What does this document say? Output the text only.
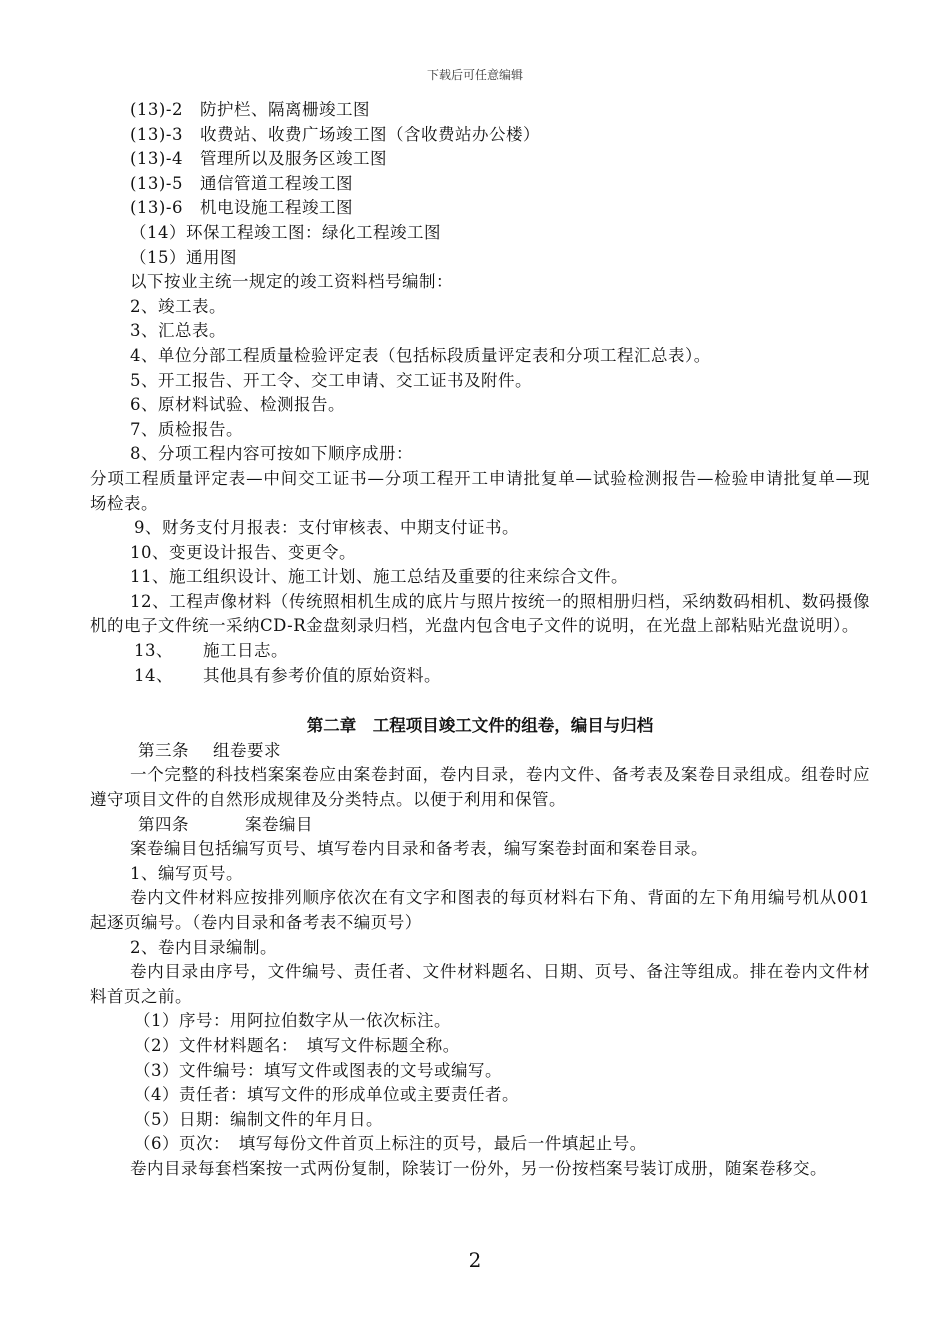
下载后可任意编辑
(13)-2　防护栏、隔离栅竣工图
(13)-3　收费站、收费广场竣工图（含收费站办公楼）
(13)-4　管理所以及服务区竣工图
(13)-5　通信管道工程竣工图
(13)-6　机电设施工程竣工图
（14）环保工程竣工图：绿化工程竣工图
（15）通用图
以下按业主统一规定的竣工资料档号编制：
2、竣工表。
3、汇总表。
4、单位分部工程质量检验评定表（包括标段质量评定表和分项工程汇总表）。
5、开工报告、开工令、交工申请、交工证书及附件。
6、原材料试验、检测报告。
7、质检报告。
8、分项工程内容可按如下顺序成册：
分项工程质量评定表—中间交工证书—分项工程开工申请批复单—试验检测报告—检验申请批复单—现场检表。
9、财务支付月报表：支付审核表、中期支付证书。
10、变更设计报告、变更令。
11、施工组织设计、施工计划、施工总结及重要的往来综合文件。
12、工程声像材料（传统照相机生成的底片与照片按统一的照相册归档，采纳数码相机、数码摄像机的电子文件统一采纳CD-R金盘刻录归档，光盘内包含电子文件的说明，在光盘上部粘贴光盘说明）。
13、 施工日志。
14、 其他具有参考价值的原始资料。
第二章　工程项目竣工文件的组卷，编目与归档
第三条 组卷要求
一个完整的科技档案案卷应由案卷封面，卷内目录，卷内文件、备考表及案卷目录组成。组卷时应遵守项目文件的自然形成规律及分类特点。以便于利用和保管。
第四条	案卷编目
案卷编目包括编写页号、填写卷内目录和备考表，编写案卷封面和案卷目录。
1、编写页号。
卷内文件材料应按排列顺序依次在有文字和图表的每页材料右下角、背面的左下角用编号机从001起逐页编号。（卷内目录和备考表不编页号）
2、卷内目录编制。
卷内目录由序号，文件编号、责任者、文件材料题名、日期、页号、备注等组成。排在卷内文件材料首页之前。
（1）序号：用阿拉伯数字从一依次标注。
（2）文件材料题名：　填写文件标题全称。
（3）文件编号：填写文件或图表的文号或编写。
（4）责任者：填写文件的形成单位或主要责任者。
（5）日期：编制文件的年月日。
（6）页次：　填写每份文件首页上标注的页号，最后一件填起止号。
卷内目录每套档案按一式两份复制，除装订一份外，另一份按档案号装订成册，随案卷移交。
2
